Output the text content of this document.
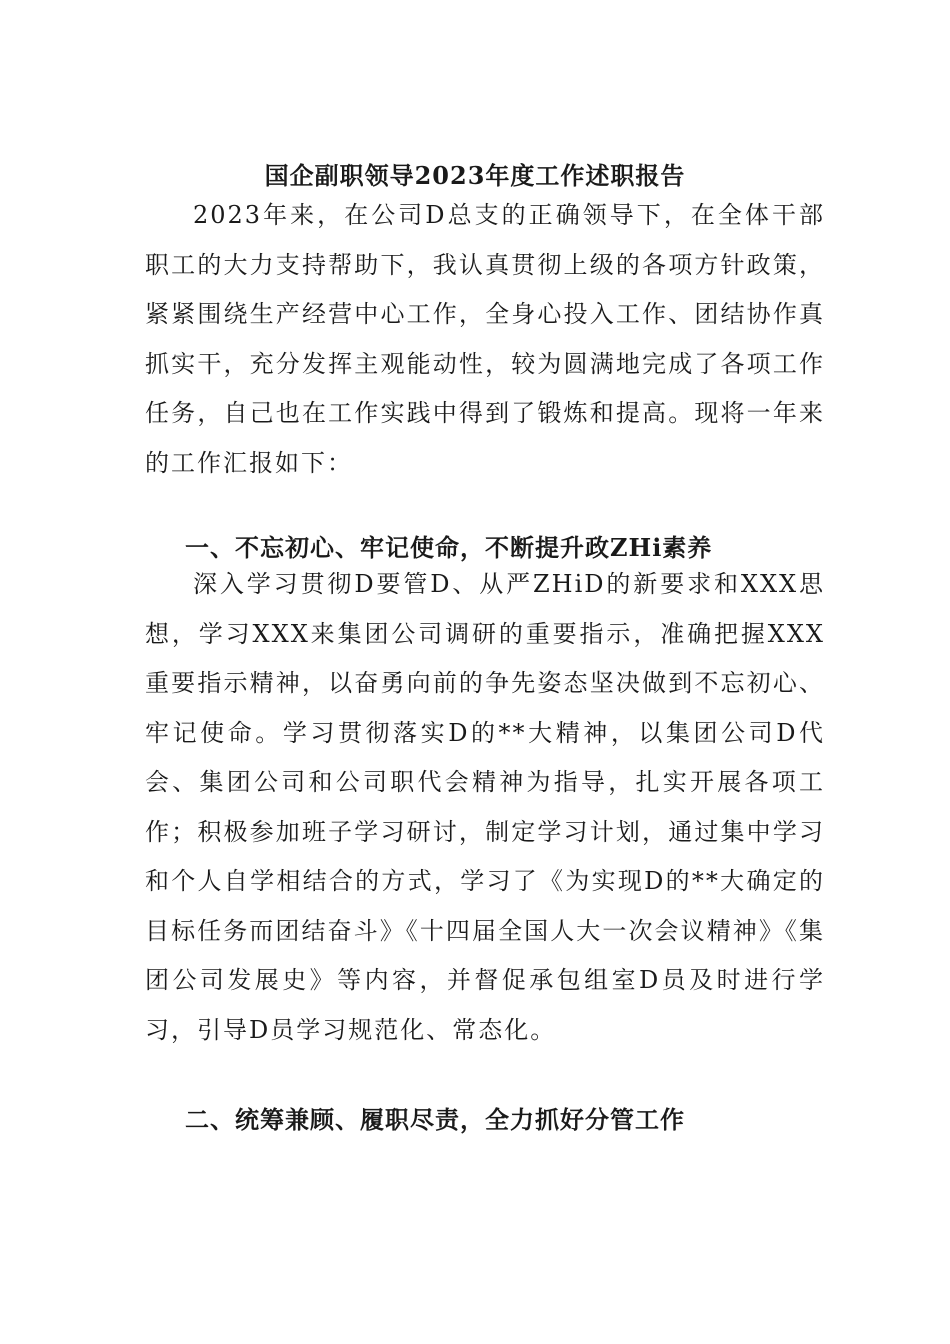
国企副职领导2023年度工作述职报告

2023年来，在公司D总支的正确领导下，在全体干部职工的大力支持帮助下，我认真贯彻上级的各项方针政策，紧紧围绕生产经营中心工作，全身心投入工作、团结协作真抓实干，充分发挥主观能动性，较为圆满地完成了各项工作任务，自己也在工作实践中得到了锻炼和提高。现将一年来的工作汇报如下：

一、不忘初心、牢记使命，不断提升政ZHi素养

深入学习贯彻D要管D、从严ZHiD的新要求和XXX思想，学习XXX来集团公司调研的重要指示，准确把握XXX重要指示精神，以奋勇向前的争先姿态坚决做到不忘初心、牢记使命。学习贯彻落实D的**大精神，以集团公司D代会、集团公司和公司职代会精神为指导，扎实开展各项工作；积极参加班子学习研讨，制定学习计划，通过集中学习和个人自学相结合的方式，学习了《为实现D的**大确定的目标任务而团结奋斗》《十四届全国人大一次会议精神》《集团公司发展史》等内容，并督促承包组室D员及时进行学习，引导D员学习规范化、常态化。

二、统筹兼顾、履职尽责，全力抓好分管工作
